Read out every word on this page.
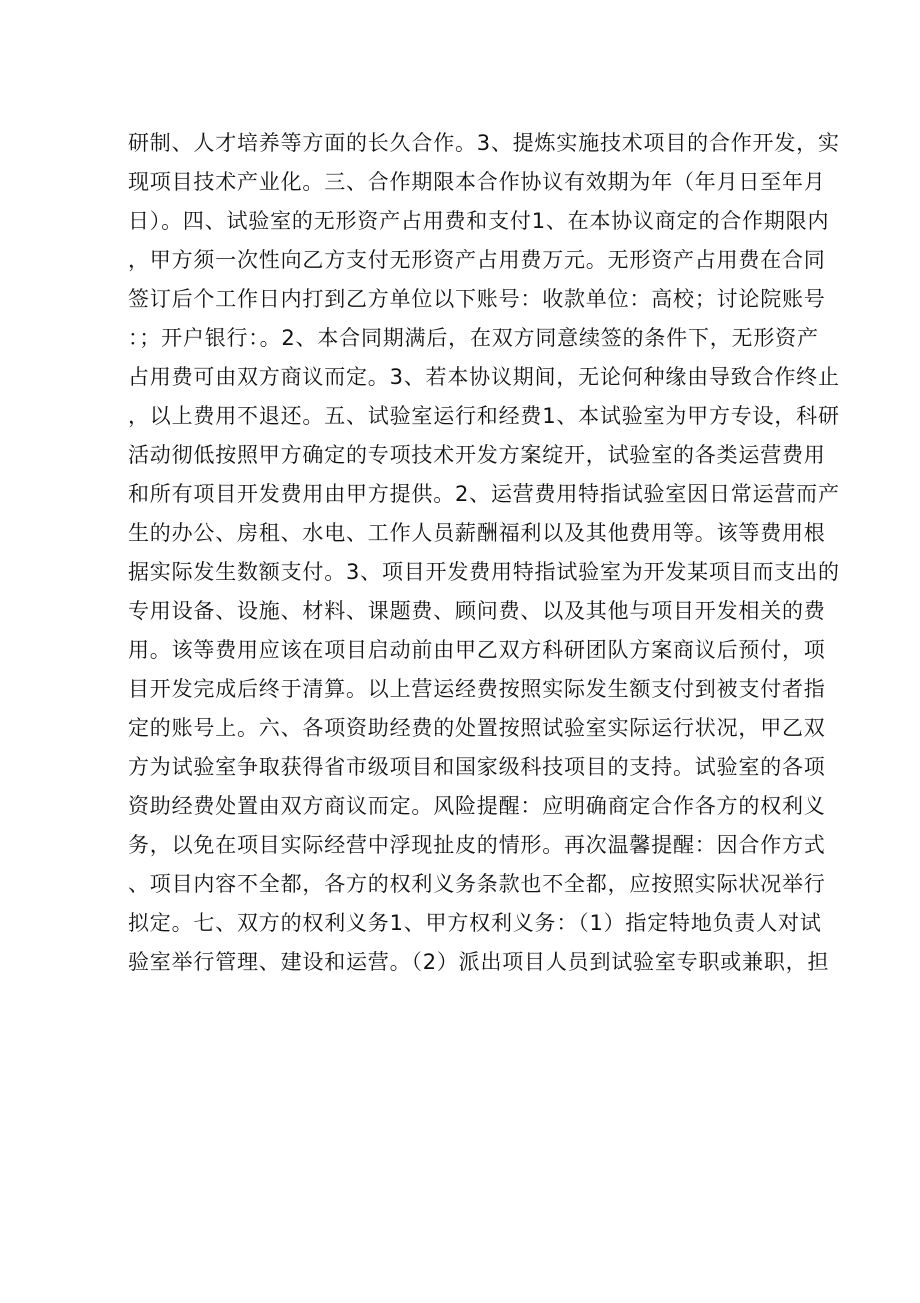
研制、人才培养等方面的长久合作。3、提炼实施技术项目的合作开发，实

现项目技术产业化。三、合作期限本合作协议有效期为年（年月日至年月

日）。四、试验室的无形资产占用费和支付1、在本协议商定的合作期限内

，甲方须一次性向乙方支付无形资产占用费万元。无形资产占用费在合同

签订后个工作日内打到乙方单位以下账号：收款单位：高校；讨论院账号

：；开户银行：。2、本合同期满后，在双方同意续签的条件下，无形资产

占用费可由双方商议而定。3、若本协议期间，无论何种缘由导致合作终止

，以上费用不退还。五、试验室运行和经费1、本试验室为甲方专设，科研

活动彻低按照甲方确定的专项技术开发方案绽开，试验室的各类运营费用

和所有项目开发费用由甲方提供。2、运营费用特指试验室因日常运营而产

生的办公、房租、水电、工作人员薪酬福利以及其他费用等。该等费用根

据实际发生数额支付。3、项目开发费用特指试验室为开发某项目而支出的

专用设备、设施、材料、课题费、顾问费、以及其他与项目开发相关的费

用。该等费用应该在项目启动前由甲乙双方科研团队方案商议后预付，项

目开发完成后终于清算。以上营运经费按照实际发生额支付到被支付者指

定的账号上。六、各项资助经费的处置按照试验室实际运行状况，甲乙双

方为试验室争取获得省市级项目和国家级科技项目的支持。试验室的各项

资助经费处置由双方商议而定。风险提醒：应明确商定合作各方的权利义

务，以免在项目实际经营中浮现扯皮的情形。再次温馨提醒：因合作方式

、项目内容不全都，各方的权利义务条款也不全都，应按照实际状况举行

拟定。七、双方的权利义务1、甲方权利义务：（1）指定特地负责人对试

验室举行管理、建设和运营。（2）派出项目人员到试验室专职或兼职，担
